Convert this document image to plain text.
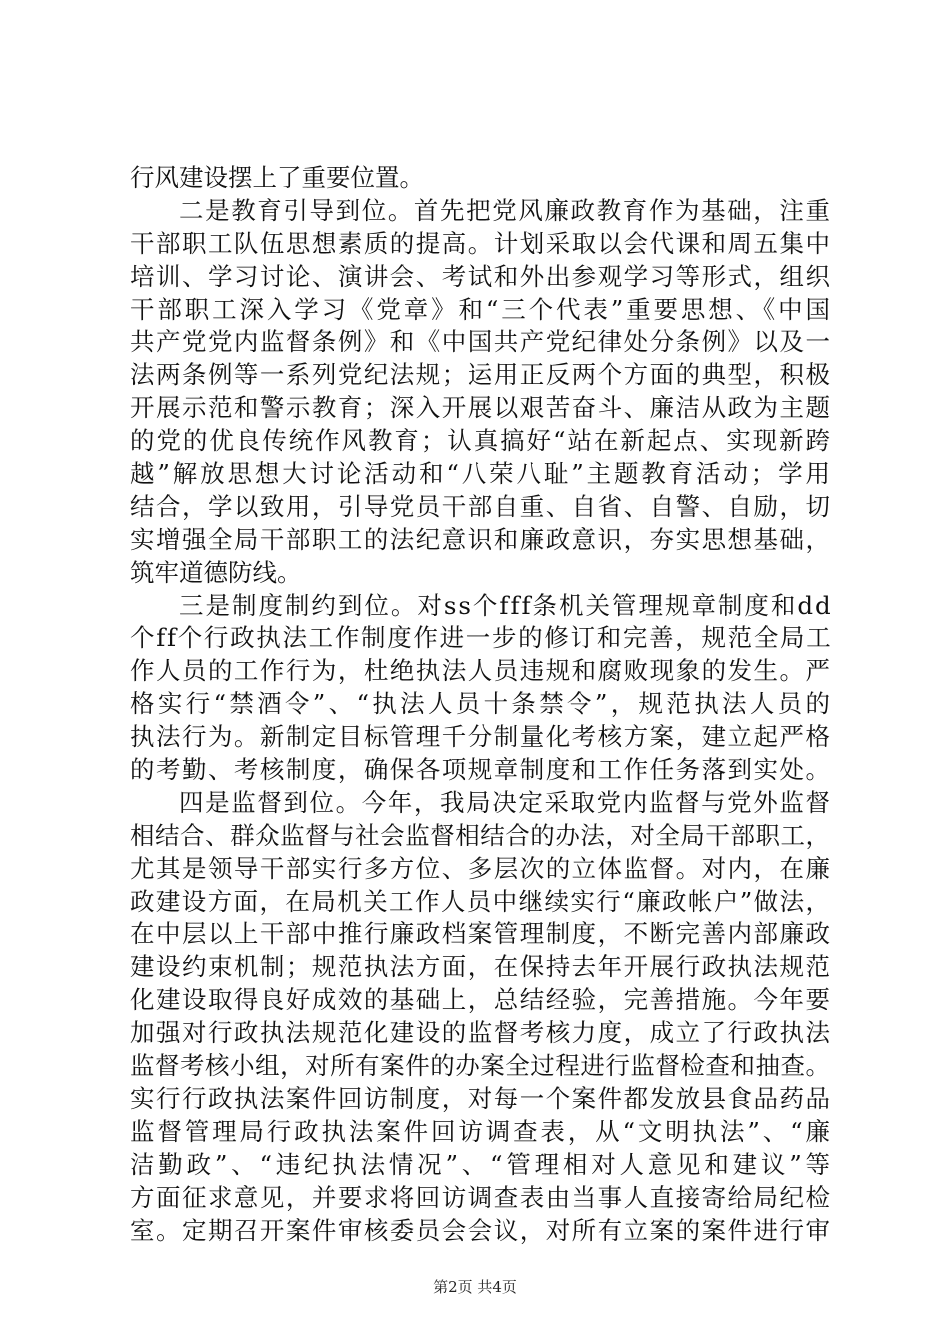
行风建设摆上了重要位置。
二是教育引导到位。首先把党风廉政教育作为基础，注重
干部职工队伍思想素质的提高。计划采取以会代课和周五集中
培训、学习讨论、演讲会、考试和外出参观学习等形式，组织
干部职工深入学习《党章》和“三个代表”重要思想、《中国
共产党党内监督条例》和《中国共产党纪律处分条例》以及一
法两条例等一系列党纪法规；运用正反两个方面的典型，积极
开展示范和警示教育；深入开展以艰苦奋斗、廉洁从政为主题
的党的优良传统作风教育；认真搞好“站在新起点、实现新跨
越”解放思想大讨论活动和“八荣八耻”主题教育活动；学用
结合，学以致用，引导党员干部自重、自省、自警、自励，切
实增强全局干部职工的法纪意识和廉政意识，夯实思想基础，
筑牢道德防线。
三是制度制约到位。对ss个fff条机关管理规章制度和dd
个ff个行政执法工作制度作进一步的修订和完善，规范全局工
作人员的工作行为，杜绝执法人员违规和腐败现象的发生。严
格实行“禁酒令”、“执法人员十条禁令”，规范执法人员的
执法行为。新制定目标管理千分制量化考核方案，建立起严格
的考勤、考核制度，确保各项规章制度和工作任务落到实处。
四是监督到位。今年，我局决定采取党内监督与党外监督
相结合、群众监督与社会监督相结合的办法，对全局干部职工，
尤其是领导干部实行多方位、多层次的立体监督。对内，在廉
政建设方面，在局机关工作人员中继续实行“廉政帐户”做法，
在中层以上干部中推行廉政档案管理制度，不断完善内部廉政
建设约束机制；规范执法方面，在保持去年开展行政执法规范
化建设取得良好成效的基础上，总结经验，完善措施。今年要
加强对行政执法规范化建设的监督考核力度，成立了行政执法
监督考核小组，对所有案件的办案全过程进行监督检查和抽查。
实行行政执法案件回访制度，对每一个案件都发放县食品药品
监督管理局行政执法案件回访调查表，从“文明执法”、“廉
洁勤政”、“违纪执法情况”、“管理相对人意见和建议”等
方面征求意见，并要求将回访调查表由当事人直接寄给局纪检
室。定期召开案件审核委员会会议，对所有立案的案件进行审
第2页 共4页
